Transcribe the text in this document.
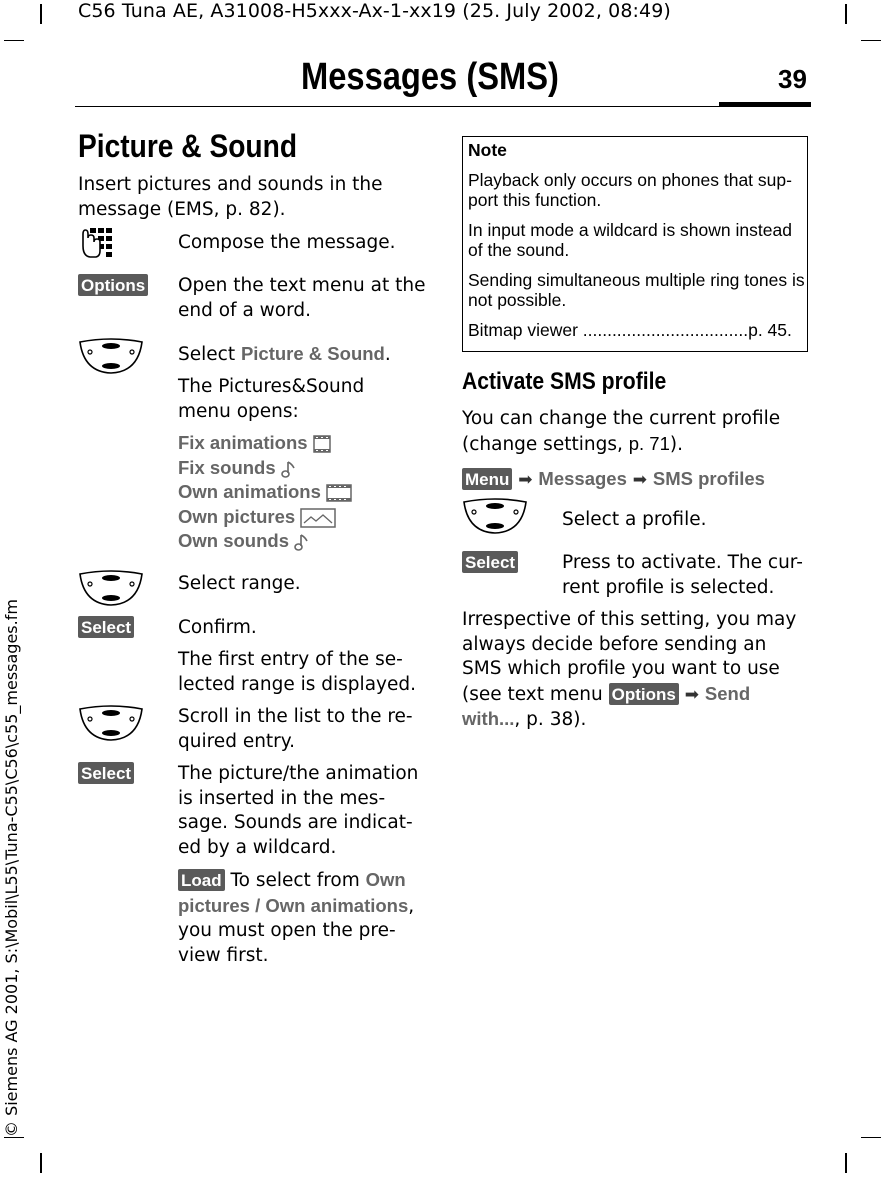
C56 Tuna AE, A31008-H5xxx-Ax-1-xx19 (25. July 2002, 08:49)
© Siemens AG 2001, S:\Mobil\L55\Tuna-C55\C56\c55_messages.fm
Messages (SMS)	39
Picture & Sound
Insert pictures and sounds in the message (EMS, p. 82).
Compose the message.
Options Open the text menu at the end of a word.
Select Picture & Sound.
The Pictures&Sound menu opens:
Fix animations
Fix sounds
Own animations
Own pictures
Own sounds
Select range.
Select	Confirm.
The first entry of the se-
lected range is displayed.
Scroll in the list to the re-
quired entry.
Select	The picture/the animation
is inserted in the mes-
sage. Sounds are indicat-
ed by a wildcard.
Load To select from Own
pictures / Own animations,
you must open the pre-
view first.

Note

Playback only occurs on phones that sup-
port this function.

In input mode a wildcard is shown instead
of the sound.

Sending simultaneous multiple ring tones is
not possible.

Bitmap viewer ..................................p. 45.

Activate SMS profile
You can change the current profile
(change settings, p. 71).
Menu ➡ Messages ➡ SMS profiles
Select a profile.
Select	Press to activate. The cur-
rent profile is selected.
Irrespective of this setting, you may
always decide before sending an
SMS which profile you want to use
(see text menu Options ➡ Send
with..., p. 38).
